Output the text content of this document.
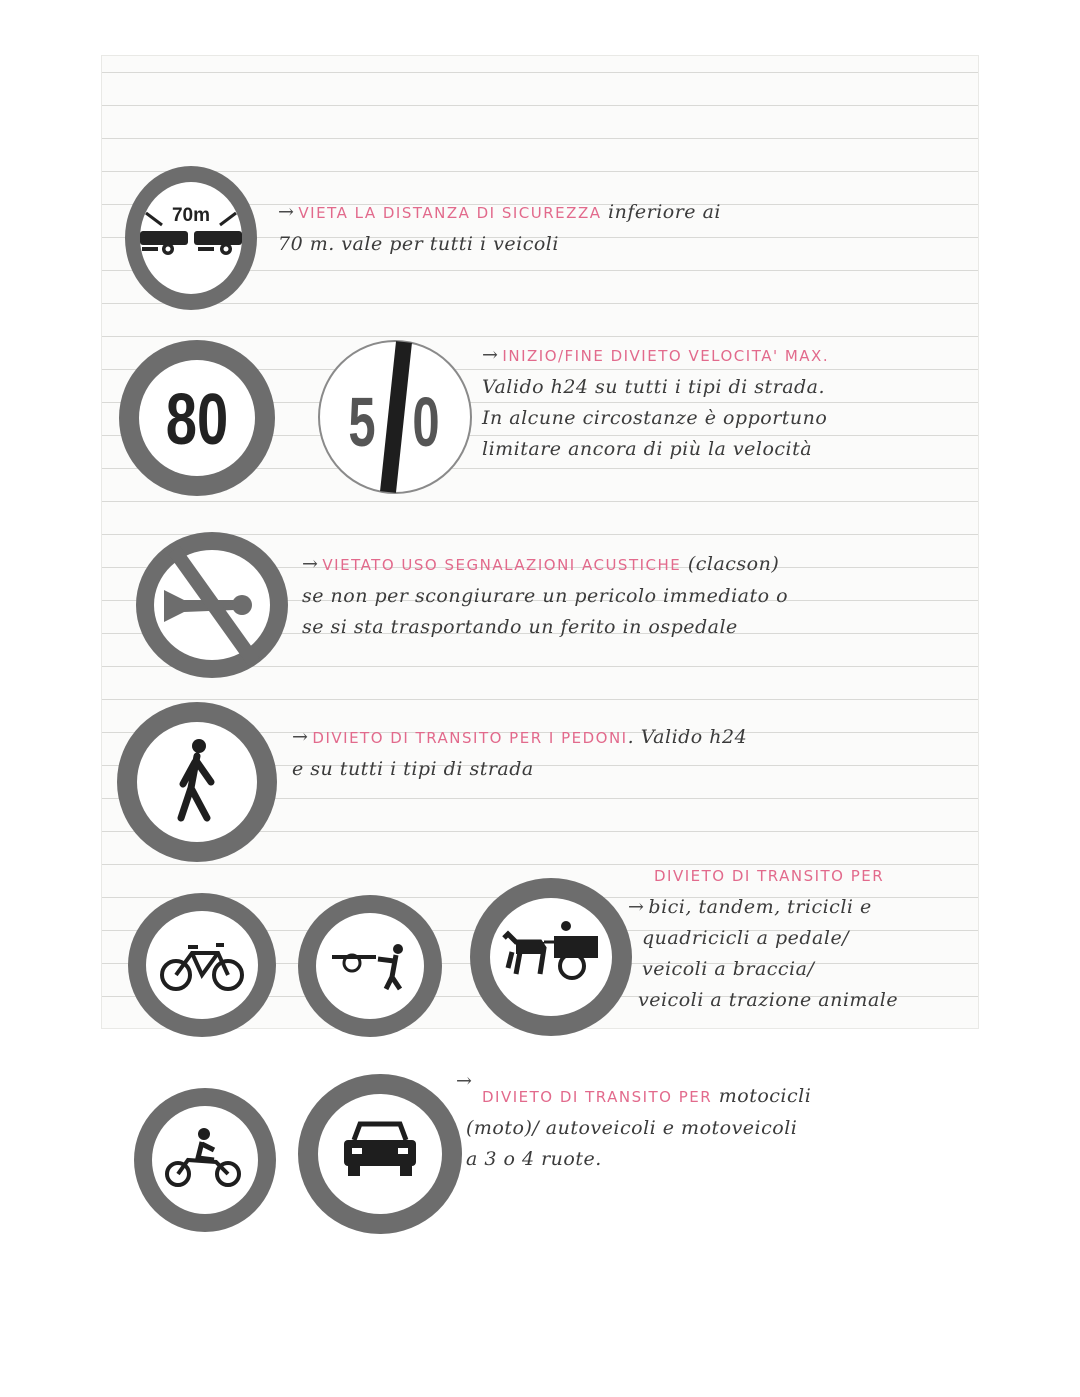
70m
80 5 0
→ VIETA LA DISTANZA DI SICUREZZA inferiore ai
70 m. vale per tutti i veicoli
→ INIZIO/FINE DIVIETO VELOCITA' MAX.
Valido h24 su tutti i tipi di strada.
In alcune circostanze è opportuno
limitare ancora di più la velocità
→ VIETATO USO SEGNALAZIONI ACUSTICHE (clacson)
se non per scongiurare un pericolo immediato o
se si sta trasportando un ferito in ospedale
→ DIVIETO DI TRANSITO PER I PEDONI. Valido h24
e su tutti i tipi di strada
DIVIETO DI TRANSITO PER
→ bici, tandem, tricicli e
quadricicli a pedale/
veicoli a braccia/
veicoli a trazione animale
→
DIVIETO DI TRANSITO PER motocicli
(moto)/ autoveicoli e motoveicoli
a 3 o 4 ruote.
